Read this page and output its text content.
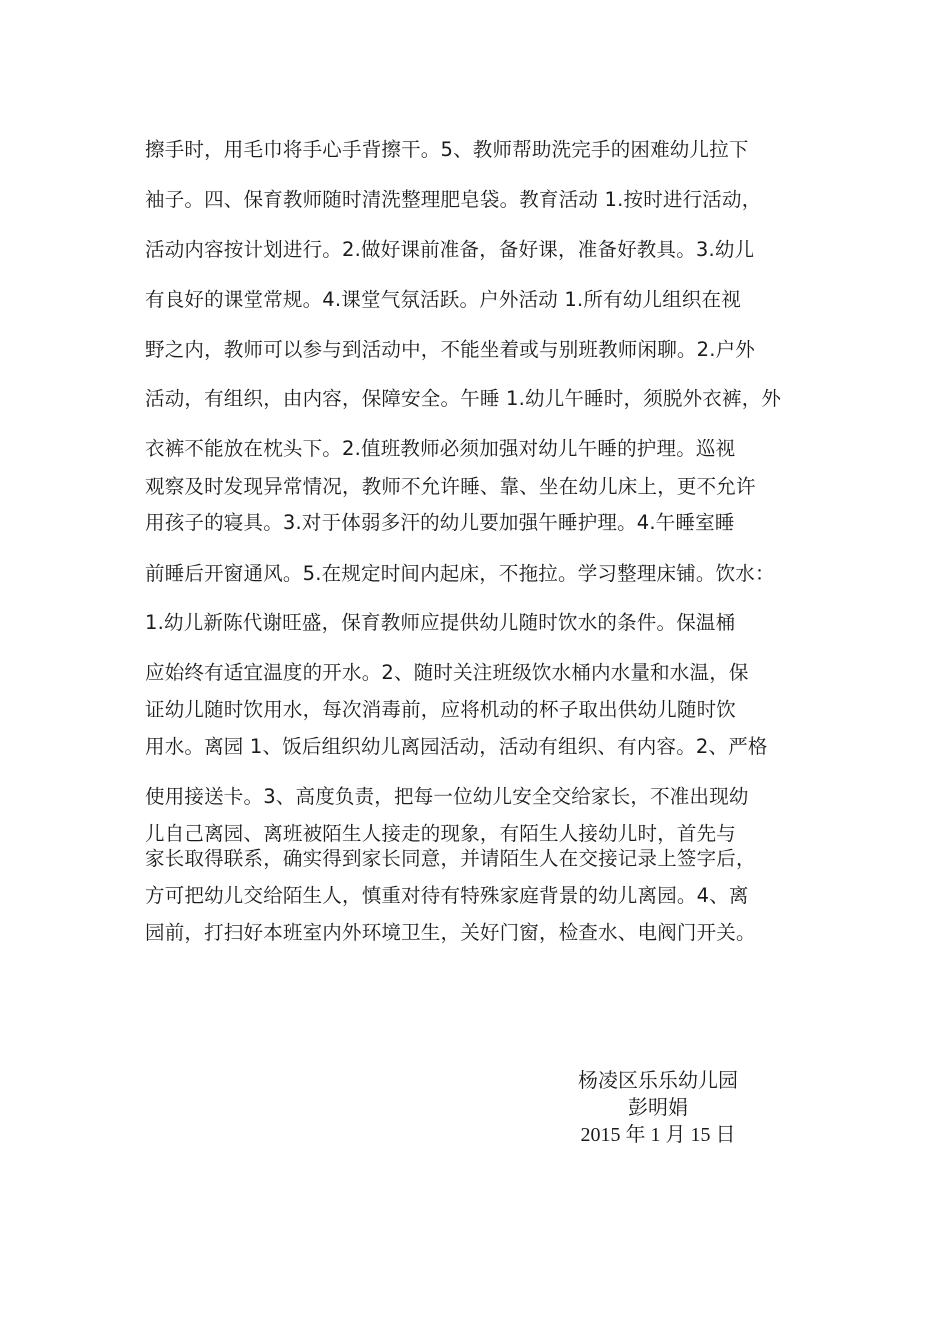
擦手时，用毛巾将手心手背擦干。5、教师帮助洗完手的困难幼儿拉下
袖子。四、保育教师随时清洗整理肥皂袋。教育活动 1.按时进行活动，
活动内容按计划进行。2.做好课前准备，备好课，准备好教具。3.幼儿
有良好的课堂常规。4.课堂气氛活跃。户外活动 1.所有幼儿组织在视
野之内，教师可以参与到活动中，不能坐着或与别班教师闲聊。2.户外
活动，有组织，由内容，保障安全。午睡 1.幼儿午睡时，须脱外衣裤，外
衣裤不能放在枕头下。2.值班教师必须加强对幼儿午睡的护理。巡视
观察及时发现异常情况，教师不允许睡、靠、坐在幼儿床上，更不允许
用孩子的寝具。3.对于体弱多汗的幼儿要加强午睡护理。4.午睡室睡
前睡后开窗通风。5.在规定时间内起床，不拖拉。学习整理床铺。饮水：
1.幼儿新陈代谢旺盛，保育教师应提供幼儿随时饮水的条件。保温桶
应始终有适宜温度的开水。2、随时关注班级饮水桶内水量和水温，保
证幼儿随时饮用水，每次消毒前，应将机动的杯子取出供幼儿随时饮
用水。离园 1、饭后组织幼儿离园活动，活动有组织、有内容。2、严格
使用接送卡。3、高度负责，把每一位幼儿安全交给家长，不准出现幼
儿自己离园、离班被陌生人接走的现象，有陌生人接幼儿时，首先与
家长取得联系，确实得到家长同意，并请陌生人在交接记录上签字后，
方可把幼儿交给陌生人，慎重对待有特殊家庭背景的幼儿离园。4、离
园前，打扫好本班室内外环境卫生，关好门窗，检查水、电阀门开关。
杨凌区乐乐幼儿园
彭明娟
2015 年 1 月 15 日
